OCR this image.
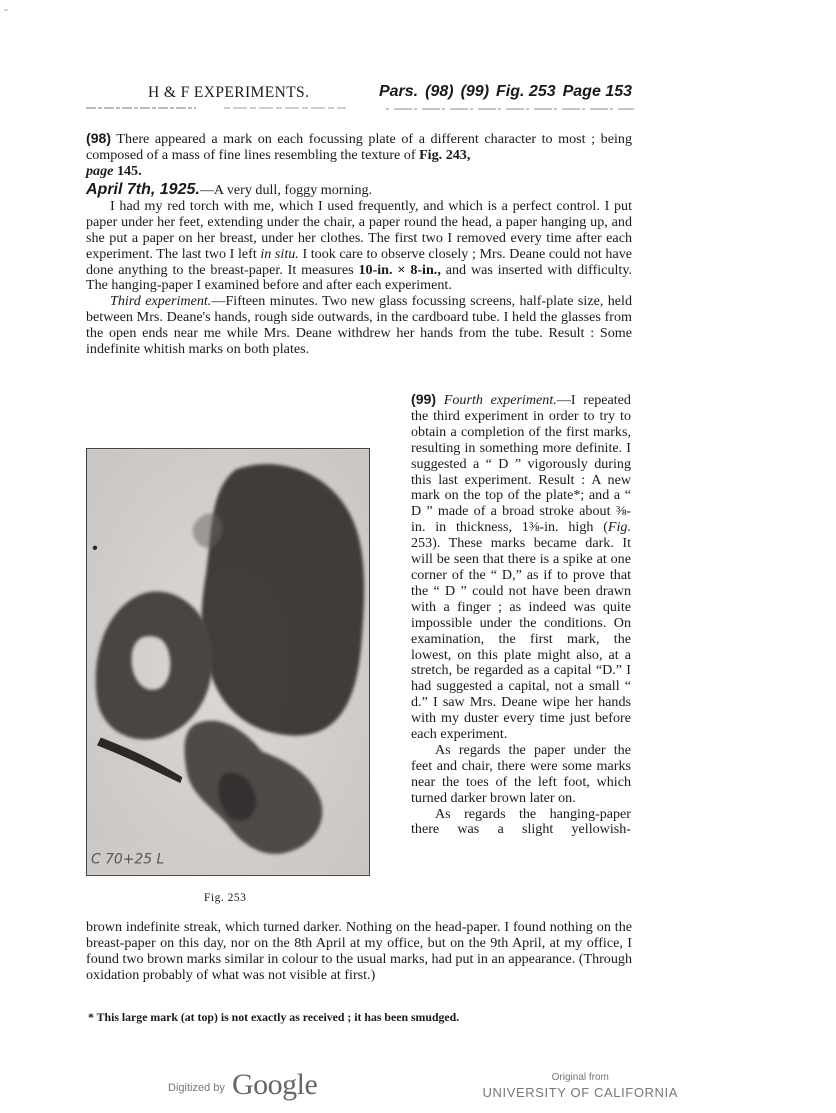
-
H & F EXPERIMENTS.	Pars. (98) (99) Fig. 253 Page 153

(98) There appeared a mark on each focussing plate of a different character to most ; being composed of a mass of fine lines resembling the texture of Fig. 243,
page 145.

April 7th, 1925.—A very dull, foggy morning.

I had my red torch with me, which I used frequently, and which is a perfect control. I put paper under her feet, extending under the chair, a paper round the head, a paper hanging up, and she put a paper on her breast, under her clothes. The first two I removed every time after each experiment. The last two I left in situ. I took care to observe closely ; Mrs. Deane could not have done anything to the breast-paper. It measures 10-in. × 8-in., and was inserted with difficulty. The hanging-paper I examined before and after each experiment.

Third experiment.—Fifteen minutes. Two new glass focussing screens, half-plate size, held between Mrs. Deane's hands, rough side outwards, in the cardboard tube. I held the glasses from the open ends near me while Mrs. Deane withdrew her hands from the tube. Result : Some indefinite whitish marks on both plates.

(99) Fourth experiment.—I repeated the third experiment in order to try to obtain a completion of the first marks, resulting in something more definite. I suggested a “ D ” vigorously during this last experiment. Result : A new mark on the top of the plate*; and a “ D ” made of a broad stroke about ⅜-in. in thickness, 1⅜-in. high (Fig. 253). These marks became dark. It will be seen that there is a spike at one corner of the “ D,” as if to prove that the “ D ” could not have been drawn with a finger ; as indeed was quite impossible under the conditions. On examination, the first mark, the lowest, on this plate might also, at a stretch, be regarded as a capital “D.” I had suggested a capital, not a small “ d.” I saw Mrs. Deane wipe her hands with my duster every time just before each experiment.

As regards the paper under the feet and chair, there were some marks near the toes of the left foot, which turned darker brown later on.

As regards the hanging-paper there was a slight yellowish-

C 70+25 L
Fig. 253

brown indefinite streak, which turned darker. Nothing on the head-paper. I found nothing on the breast-paper on this day, nor on the 8th April at my office, but on the 9th April, at my office, I found two brown marks similar in colour to the usual marks, had put in an appearance. (Through oxidation probably of what was not visible at first.)

* This large mark (at top) is not exactly as received ; it has been smudged.
Digitized by Google	Original from
UNIVERSITY OF CALIFORNIA
